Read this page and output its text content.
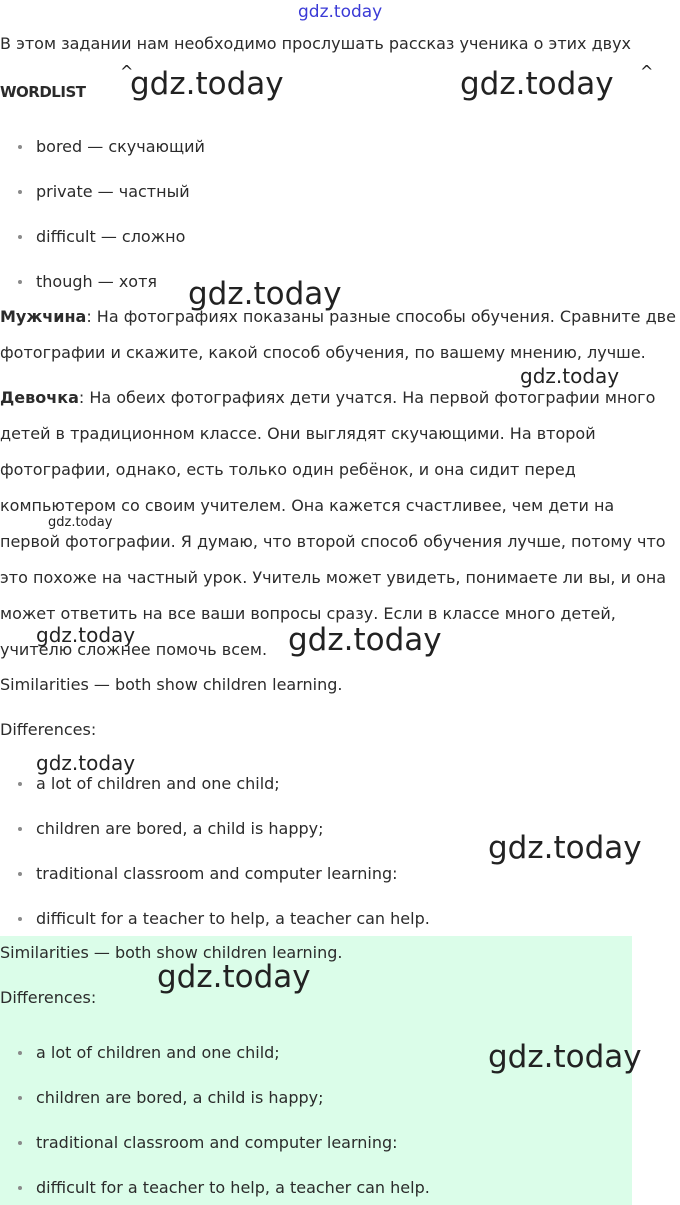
В этом задании нам необходимо прослушать рассказ ученика о этих двух
WORDLIST
bored — скучающий
private — частный
difficult — сложно
though — хотя
Мужчина: На фотографиях показаны разные способы обучения. Сравните две
фотографии и скажите, какой способ обучения, по вашему мнению, лучше.
Девочка: На обеих фотографиях дети учатся. На первой фотографии много
детей в традиционном классе. Они выглядят скучающими. На второй
фотографии, однако, есть только один ребёнок, и она сидит перед
компьютером со своим учителем. Она кажется счастливее, чем дети на
первой фотографии. Я думаю, что второй способ обучения лучше, потому что
это похоже на частный урок. Учитель может увидеть, понимаете ли вы, и она
может ответить на все ваши вопросы сразу. Если в классе много детей,
учителю сложнее помочь всем.
Similarities — both show children learning.
Differences:
a lot of children and one child;
children are bored, a child is happy;
traditional classroom and computer learning:
difficult for a teacher to help, a teacher can help.
Similarities — both show children learning.
Differences:
a lot of children and one child;
children are bored, a child is happy;
traditional classroom and computer learning:
difficult for a teacher to help, a teacher can help.
gdz.today
gdz.today
^	gdz.today ^
gdz.today
gdz.today
gdz.today
gdz.today	gdz.today
gdz.today
gdz.today
gdz.today
gdz.today
